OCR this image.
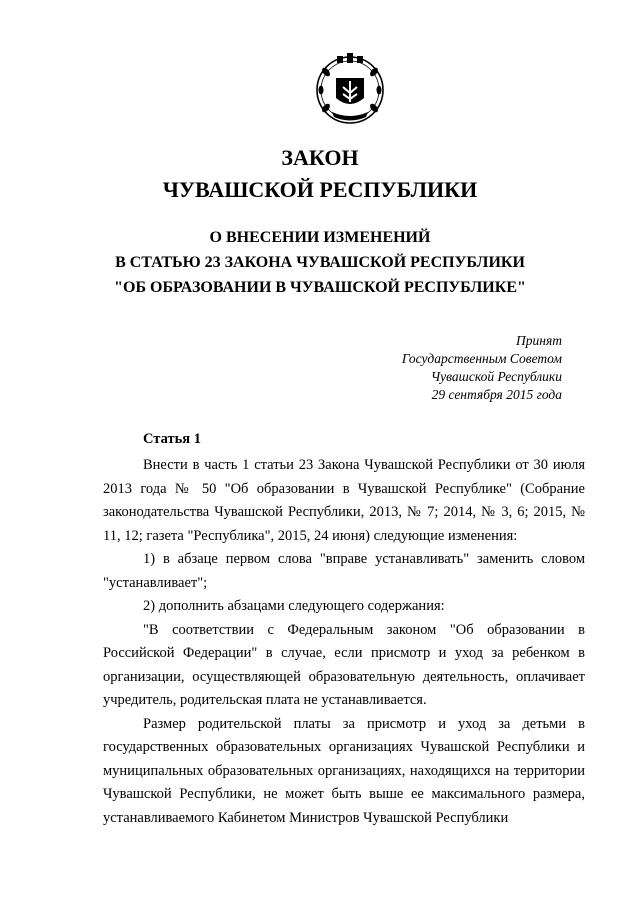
ЗАКОН
ЧУВАШСКОЙ РЕСПУБЛИКИ
О ВНЕСЕНИИ ИЗМЕНЕНИЙ
В СТАТЬЮ 23 ЗАКОНА ЧУВАШСКОЙ РЕСПУБЛИКИ
"ОБ ОБРАЗОВАНИИ В ЧУВАШСКОЙ РЕСПУБЛИКЕ"
Принят
Государственным Советом
Чувашской Республики
29 сентября 2015 года
Статья 1

Внести в часть 1 статьи 23 Закона Чувашской Республики от 30 июля 2013 года № 50 "Об образовании в Чувашской Республике" (Собрание законодательства Чувашской Республики, 2013, № 7; 2014, № 3, 6; 2015, № 11, 12; газета "Республика", 2015, 24 июня) следующие изменения:

1) в абзаце первом слова "вправе устанавливать" заменить словом "устанавливает";

2) дополнить абзацами следующего содержания:

"В соответствии с Федеральным законом "Об образовании в Российской Федерации" в случае, если присмотр и уход за ребенком в организации, осуществляющей образовательную деятельность, оплачивает учредитель, родительская плата не устанавливается.

Размер родительской платы за присмотр и уход за детьми в государственных образовательных организациях Чувашской Республики и муниципальных образовательных организациях, находящихся на территории Чувашской Республики, не может быть выше ее максимального размера, устанавливаемого Кабинетом Министров Чувашской Республики
